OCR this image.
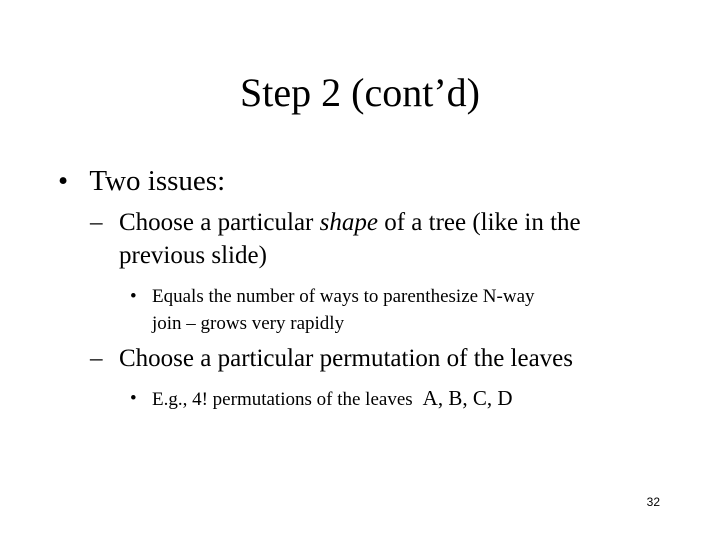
Step 2 (cont’d)
• Two issues:
– Choose a particular shape of a tree (like in the
previous slide)
• Equals the number of ways to parenthesize N-way
join – grows very rapidly
– Choose a particular permutation of the leaves
• E.g., 4! permutations of the leaves A, B, C, D
32
